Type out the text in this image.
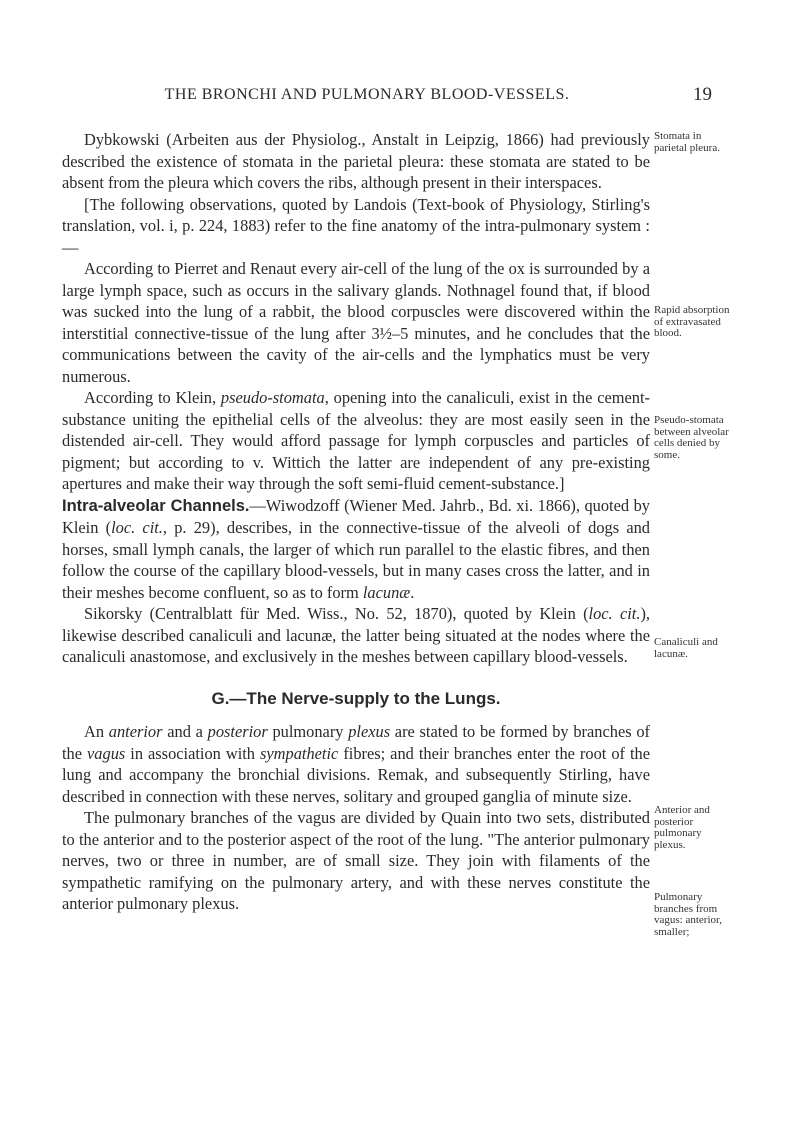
THE BRONCHI AND PULMONARY BLOOD-VESSELS.	19

Dybkowski (Arbeiten aus der Physiolog., Anstalt in Leipzig, 1866) had previously described the existence of stomata in the parietal pleura: these stomata are stated to be absent from the pleura which covers the ribs, although present in their interspaces.

[The following observations, quoted by Landois (Text-book of Physiology, Stirling's translation, vol. i, p. 224, 1883) refer to the fine anatomy of the intra-pulmonary system :—

According to Pierret and Renaut every air-cell of the lung of the ox is surrounded by a large lymph space, such as occurs in the salivary glands. Nothnagel found that, if blood was sucked into the lung of a rabbit, the blood corpuscles were discovered within the interstitial connective-tissue of the lung after 3½–5 minutes, and he concludes that the communications between the cavity of the air-cells and the lymphatics must be very numerous.

According to Klein, pseudo-stomata, opening into the canaliculi, exist in the cement-substance uniting the epithelial cells of the alveolus: they are most easily seen in the distended air-cell. They would afford passage for lymph corpuscles and particles of pigment; but according to v. Wittich the latter are independent of any pre-existing apertures and make their way through the soft semi-fluid cement-substance.]

Intra-alveolar Channels.—Wiwodzoff (Wiener Med. Jahrb., Bd. xi. 1866), quoted by Klein (loc. cit., p. 29), describes, in the connective-tissue of the alveoli of dogs and horses, small lymph canals, the larger of which run parallel to the elastic fibres, and then follow the course of the capillary blood-vessels, but in many cases cross the latter, and in their meshes become confluent, so as to form lacunæ.

Sikorsky (Centralblatt für Med. Wiss., No. 52, 1870), quoted by Klein (loc. cit.), likewise described canaliculi and lacunæ, the latter being situated at the nodes where the canaliculi anastomose, and exclusively in the meshes between capillary blood-vessels.

G.—The Nerve-supply to the Lungs.

An anterior and a posterior pulmonary plexus are stated to be formed by branches of the vagus in association with sympathetic fibres; and their branches enter the root of the lung and accompany the bronchial divisions. Remak, and subsequently Stirling, have described in connection with these nerves, solitary and grouped ganglia of minute size.

The pulmonary branches of the vagus are divided by Quain into two sets, distributed to the anterior and to the posterior aspect of the root of the lung. "The anterior pulmonary nerves, two or three in number, are of small size. They join with filaments of the sympathetic ramifying on the pulmonary artery, and with these nerves constitute the anterior pulmonary plexus.

Stomata in parietal pleura.
Rapid absorption of extravasated blood.
Pseudo-stomata between alveolar cells denied by some.
Canaliculi and lacunæ.
Anterior and posterior pulmonary plexus.
Pulmonary branches from vagus: anterior, smaller;
